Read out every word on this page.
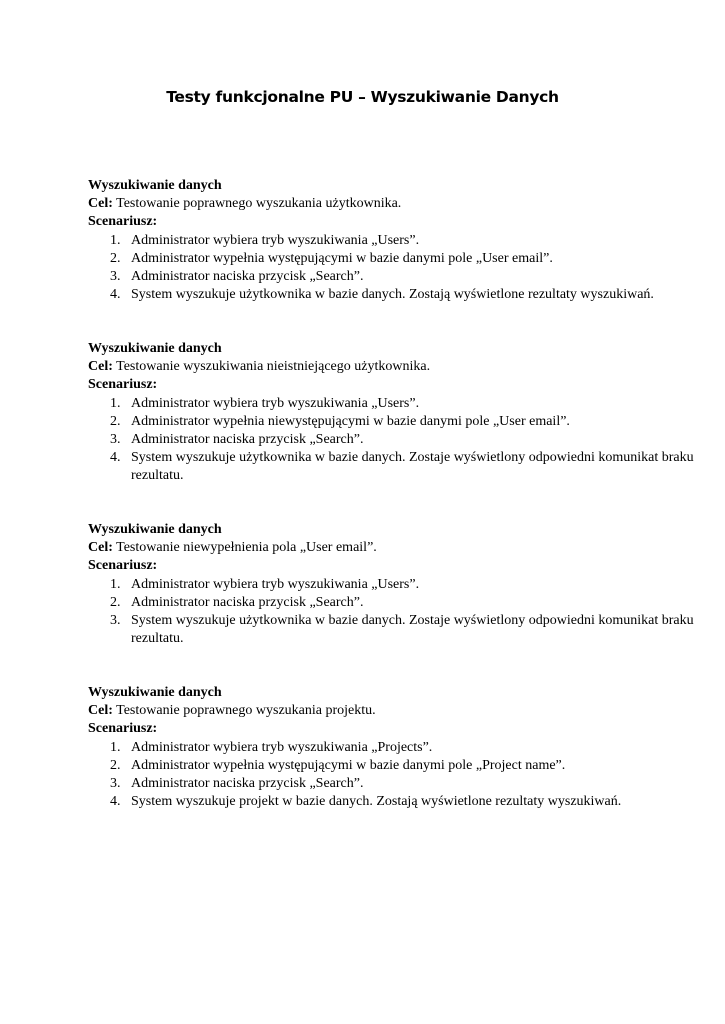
Testy funkcjonalne PU – Wyszukiwanie Danych
Wyszukiwanie danych
Cel: Testowanie poprawnego wyszukania użytkownika.
Scenariusz:
1. Administrator wybiera tryb wyszukiwania „Users”.
2. Administrator wypełnia występującymi w bazie danymi pole „User email”.
3. Administrator naciska przycisk „Search”.
4. System wyszukuje użytkownika w bazie danych. Zostają wyświetlone rezultaty wyszukiwań.
Wyszukiwanie danych
Cel: Testowanie wyszukiwania nieistniejącego użytkownika.
Scenariusz:
1. Administrator wybiera tryb wyszukiwania „Users”.
2. Administrator wypełnia niewystępującymi w bazie danymi pole „User email”.
3. Administrator naciska przycisk „Search”.
4. System wyszukuje użytkownika w bazie danych. Zostaje wyświetlony odpowiedni komunikat braku rezultatu.
Wyszukiwanie danych
Cel: Testowanie niewypełnienia pola „User email”.
Scenariusz:
1. Administrator wybiera tryb wyszukiwania „Users”.
2. Administrator naciska przycisk „Search”.
3. System wyszukuje użytkownika w bazie danych. Zostaje wyświetlony odpowiedni komunikat braku rezultatu.
Wyszukiwanie danych
Cel: Testowanie poprawnego wyszukania projektu.
Scenariusz:
1. Administrator wybiera tryb wyszukiwania „Projects”.
2. Administrator wypełnia występującymi w bazie danymi pole „Project name”.
3. Administrator naciska przycisk „Search”.
4. System wyszukuje projekt w bazie danych. Zostają wyświetlone rezultaty wyszukiwań.
